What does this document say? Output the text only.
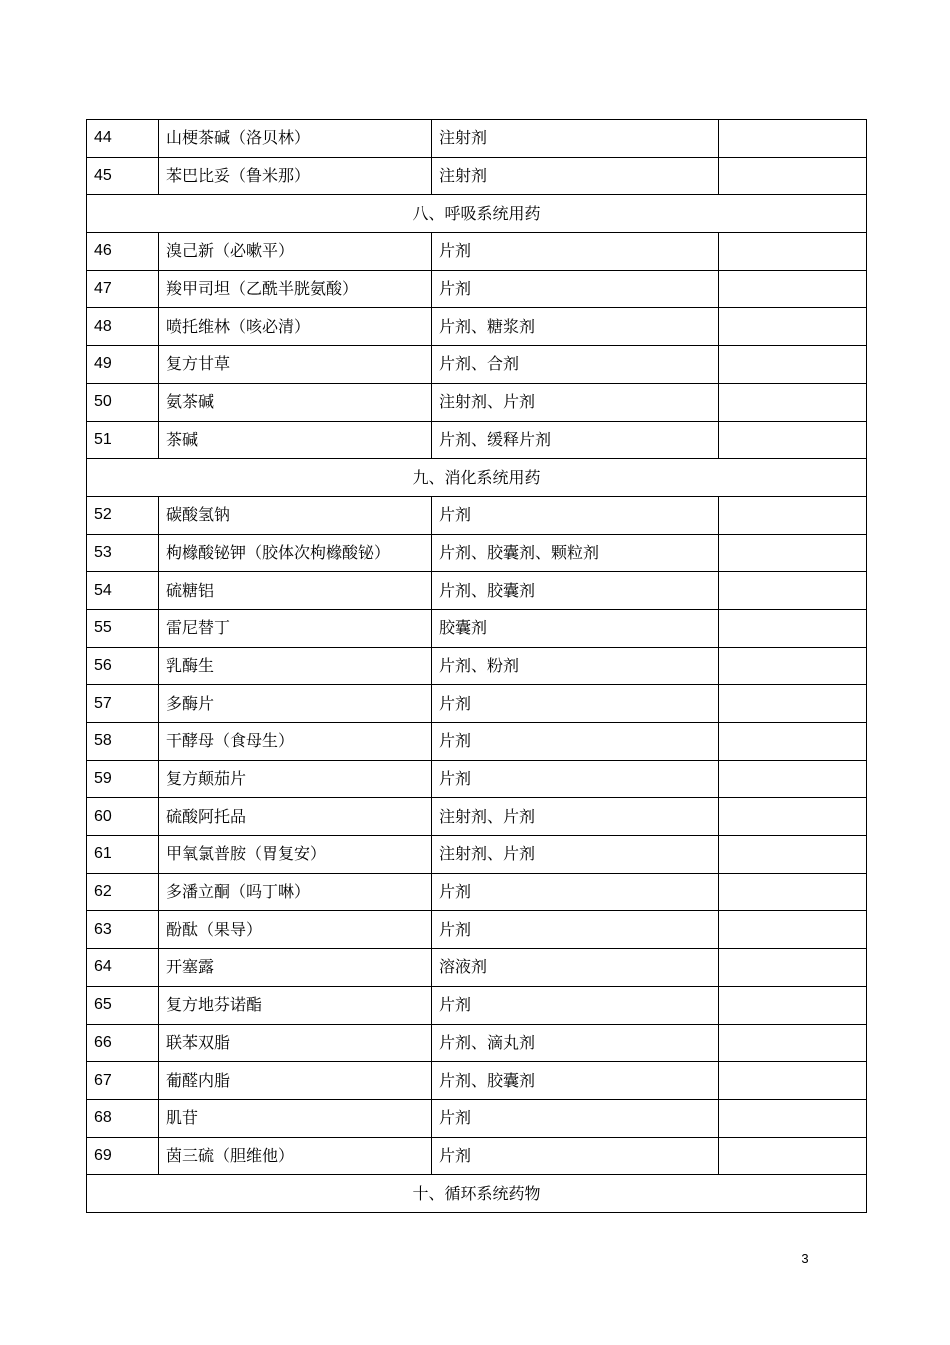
44	山梗茶碱（洛贝林）	注射剂	
45	苯巴比妥（鲁米那）	注射剂	
八、呼吸系统用药			
46	溴己新（必嗽平）	片剂	
47	羧甲司坦（乙酰半胱氨酸）	片剂	
48	喷托维林（咳必清）	片剂、糖浆剂	
49	复方甘草	片剂、合剂	
50	氨茶碱	注射剂、片剂	
51	茶碱	片剂、缓释片剂	
九、消化系统用药			
52	碳酸氢钠	片剂	
53	枸橼酸铋钾（胶体次枸橼酸铋）	片剂、胶囊剂、颗粒剂	
54	硫糖铝	片剂、胶囊剂	
55	雷尼替丁	胶囊剂	
56	乳酶生	片剂、粉剂	
57	多酶片	片剂	
58	干酵母（食母生）	片剂	
59	复方颠茄片	片剂	
60	硫酸阿托品	注射剂、片剂	
61	甲氧氯普胺（胃复安）	注射剂、片剂	
62	多潘立酮（吗丁啉）	片剂	
63	酚酞（果导）	片剂	
64	开塞露	溶液剂	
65	复方地芬诺酯	片剂	
66	联苯双脂	片剂、滴丸剂	
67	葡醛内脂	片剂、胶囊剂	
68	肌苷	片剂	
69	茵三硫（胆维他）	片剂	
十、循环系统药物			
3
